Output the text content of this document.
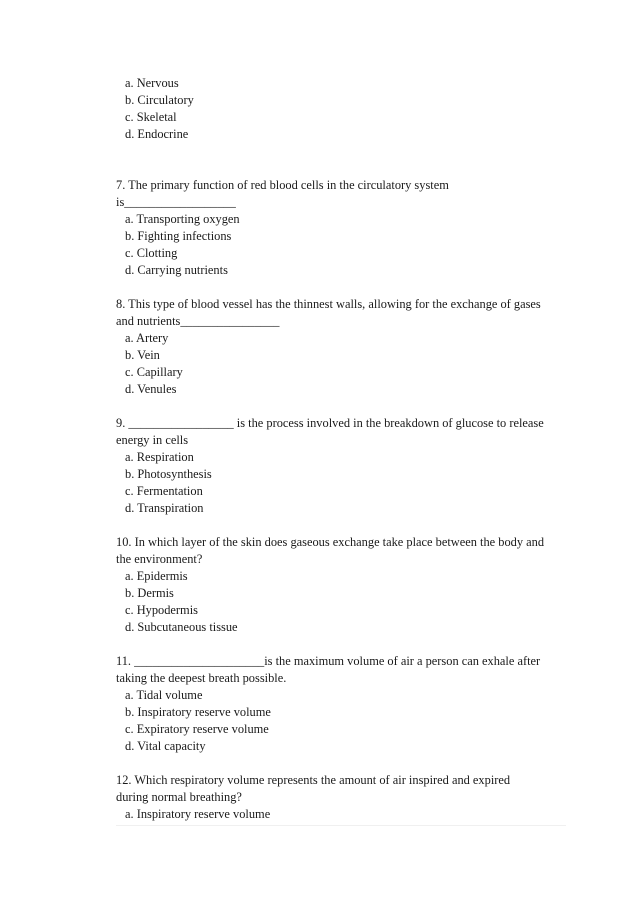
a. Nervous
b. Circulatory
c. Skeletal
d. Endocrine
7. The primary function of red blood cells in the circulatory system
is__________________
a. Transporting oxygen
b. Fighting infections
c. Clotting
d. Carrying nutrients
8. This type of blood vessel has the thinnest walls, allowing for the exchange of gases
and nutrients________________
a. Artery
b. Vein
c. Capillary
d. Venules
9. _________________ is the process involved in the breakdown of glucose to release
energy in cells
a. Respiration
b. Photosynthesis
c. Fermentation
d. Transpiration
10. In which layer of the skin does gaseous exchange take place between the body and
the environment?
a. Epidermis
b. Dermis
c. Hypodermis
d. Subcutaneous tissue
11. _____________________is the maximum volume of air a person can exhale after
taking the deepest breath possible.
a. Tidal volume
b. Inspiratory reserve volume
c. Expiratory reserve volume
d. Vital capacity
12. Which respiratory volume represents the amount of air inspired and expired
during normal breathing?
a. Inspiratory reserve volume
